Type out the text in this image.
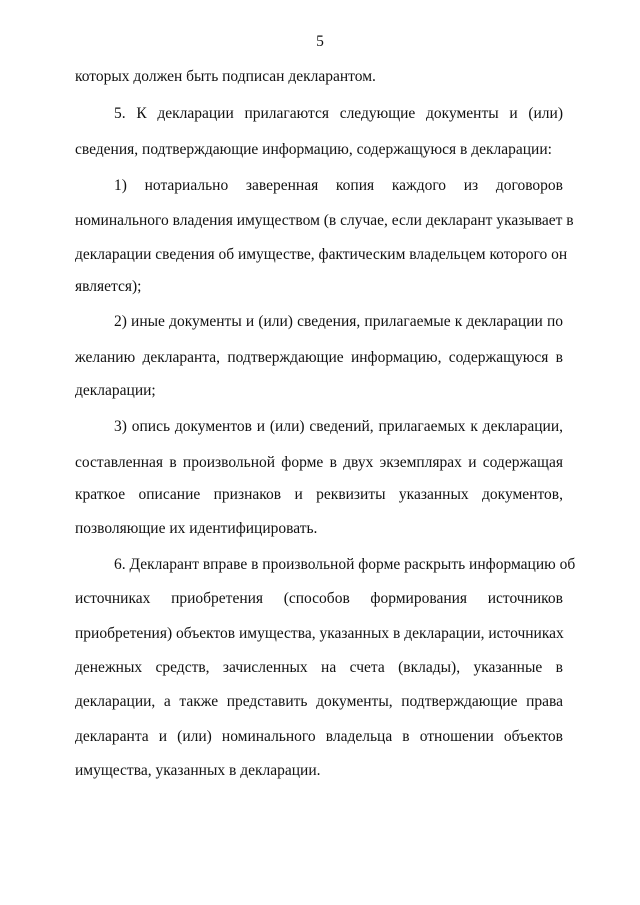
5
которых должен быть подписан декларантом.
5. К декларации прилагаются следующие документы и (или)
сведения, подтверждающие информацию, содержащуюся в декларации:
1) нотариально заверенная копия каждого из договоров
номинального владения имуществом (в случае, если декларант указывает в
декларации сведения об имуществе, фактическим владельцем которого он
является);
2) иные документы и (или) сведения, прилагаемые к декларации по
желанию декларанта, подтверждающие информацию, содержащуюся в
декларации;
3) опись документов и (или) сведений, прилагаемых к декларации,
составленная в произвольной форме в двух экземплярах и содержащая
краткое описание признаков и реквизиты указанных документов,
позволяющие их идентифицировать.
6. Декларант вправе в произвольной форме раскрыть информацию об
источниках приобретения (способов формирования источников
приобретения) объектов имущества, указанных в декларации, источниках
денежных средств, зачисленных на счета (вклады), указанные в
декларации, а также представить документы, подтверждающие права
декларанта и (или) номинального владельца в отношении объектов
имущества, указанных в декларации.
